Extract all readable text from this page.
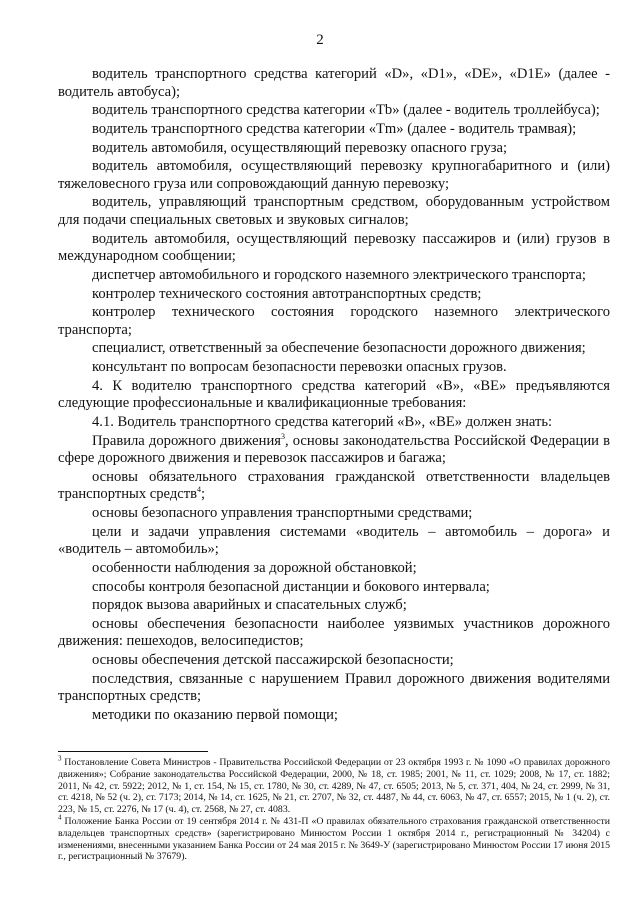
2

водитель транспортного средства категорий «D», «D1», «DE», «D1E» (далее - водитель автобуса);

водитель транспортного средства категории «Tb» (далее - водитель троллейбуса);

водитель транспортного средства категории «Tm» (далее - водитель трамвая);

водитель автомобиля, осуществляющий перевозку опасного груза;

водитель автомобиля, осуществляющий перевозку крупногабаритного и (или) тяжеловесного груза или сопровождающий данную перевозку;

водитель, управляющий транспортным средством, оборудованным устройством для подачи специальных световых и звуковых сигналов;

водитель автомобиля, осуществляющий перевозку пассажиров и (или) грузов в международном сообщении;

диспетчер автомобильного и городского наземного электрического транспорта;

контролер технического состояния автотранспортных средств;

контролер технического состояния городского наземного электрического транспорта;

специалист, ответственный за обеспечение безопасности дорожного движения;

консультант по вопросам безопасности перевозки опасных грузов.

4. К водителю транспортного средства категорий «B», «BE» предъявляются следующие профессиональные и квалификационные требования:

4.1. Водитель транспортного средства категорий «B», «BE» должен знать:

Правила дорожного движения$^3$, основы законодательства Российской Федерации в сфере дорожного движения и перевозок пассажиров и багажа;

основы обязательного страхования гражданской ответственности владельцев транспортных средств$^4$;

основы безопасного управления транспортными средствами;

цели и задачи управления системами «водитель – автомобиль – дорога» и «водитель – автомобиль»;

особенности наблюдения за дорожной обстановкой;

способы контроля безопасной дистанции и бокового интервала;

порядок вызова аварийных и спасательных служб;

основы обеспечения безопасности наиболее уязвимых участников дорожного движения: пешеходов, велосипедистов;

основы обеспечения детской пассажирской безопасности;

последствия, связанные с нарушением Правил дорожного движения водителями транспортных средств;

методики по оказанию первой помощи;

$^3$ Постановление Совета Министров - Правительства Российской Федерации от 23 октября 1993 г. № 1090 «О правилах дорожного движения»; Собрание законодательства Российской Федерации, 2000, № 18, ст. 1985; 2001, № 11, ст. 1029; 2008, № 17, ст. 1882; 2011, № 42, ст. 5922; 2012, № 1, ст. 154, № 15, ст. 1780, № 30, ст. 4289, № 47, ст. 6505; 2013, № 5, ст. 371, 404, № 24, ст. 2999, № 31, ст. 4218, № 52 (ч. 2), ст. 7173; 2014, № 14, ст. 1625, № 21, ст. 2707, № 32, ст. 4487, № 44, ст. 6063, № 47, ст. 6557; 2015, № 1 (ч. 2), ст. 223, № 15, ст. 2276, № 17 (ч. 4), ст. 2568, № 27, ст. 4083.

$^4$ Положение Банка России от 19 сентября 2014 г. № 431-П «О правилах обязательного страхования гражданской ответственности владельцев транспортных средств» (зарегистрировано Минюстом России 1 октября 2014 г., регистрационный № 34204) с изменениями, внесенными указанием Банка России от 24 мая 2015 г. № 3649-У (зарегистрировано Минюстом России 17 июня 2015 г., регистрационный № 37679).
